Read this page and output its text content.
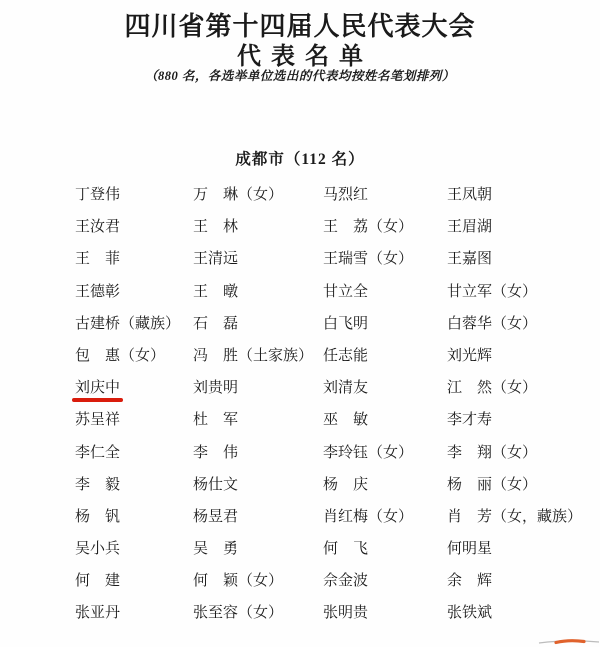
四川省第十四届人民代表大会
代表名单
（880 名，各选举单位选出的代表均按姓名笔划排列）
成都市（112 名）
丁登伟	万　琳（女）	马烈红	王凤朝
王汝君	王　林	王　荔（女）	王眉湖
王　菲	王清远	王瑞雪（女）	王嘉图
王德彰	王　暾	甘立全	甘立军（女）
古建桥（藏族） 石　磊	白飞明	白蓉华（女）
包　惠（女）	冯　胜（土家族） 任志能	刘光辉
刘庆中	刘贵明	刘清友	江　然（女）
苏呈祥	杜　军	巫　敏	李才寿
李仁全	李　伟	李玲钰（女）	李　翔（女）
李　毅	杨仕文	杨　庆	杨　丽（女）
杨　钒	杨昱君	肖红梅（女）	肖　芳（女，藏族）
吴小兵	吴　勇	何　飞	何明星
何　建	何　颖（女）	佘金波	余　辉
张亚丹	张至容（女）	张明贵	张铁斌
